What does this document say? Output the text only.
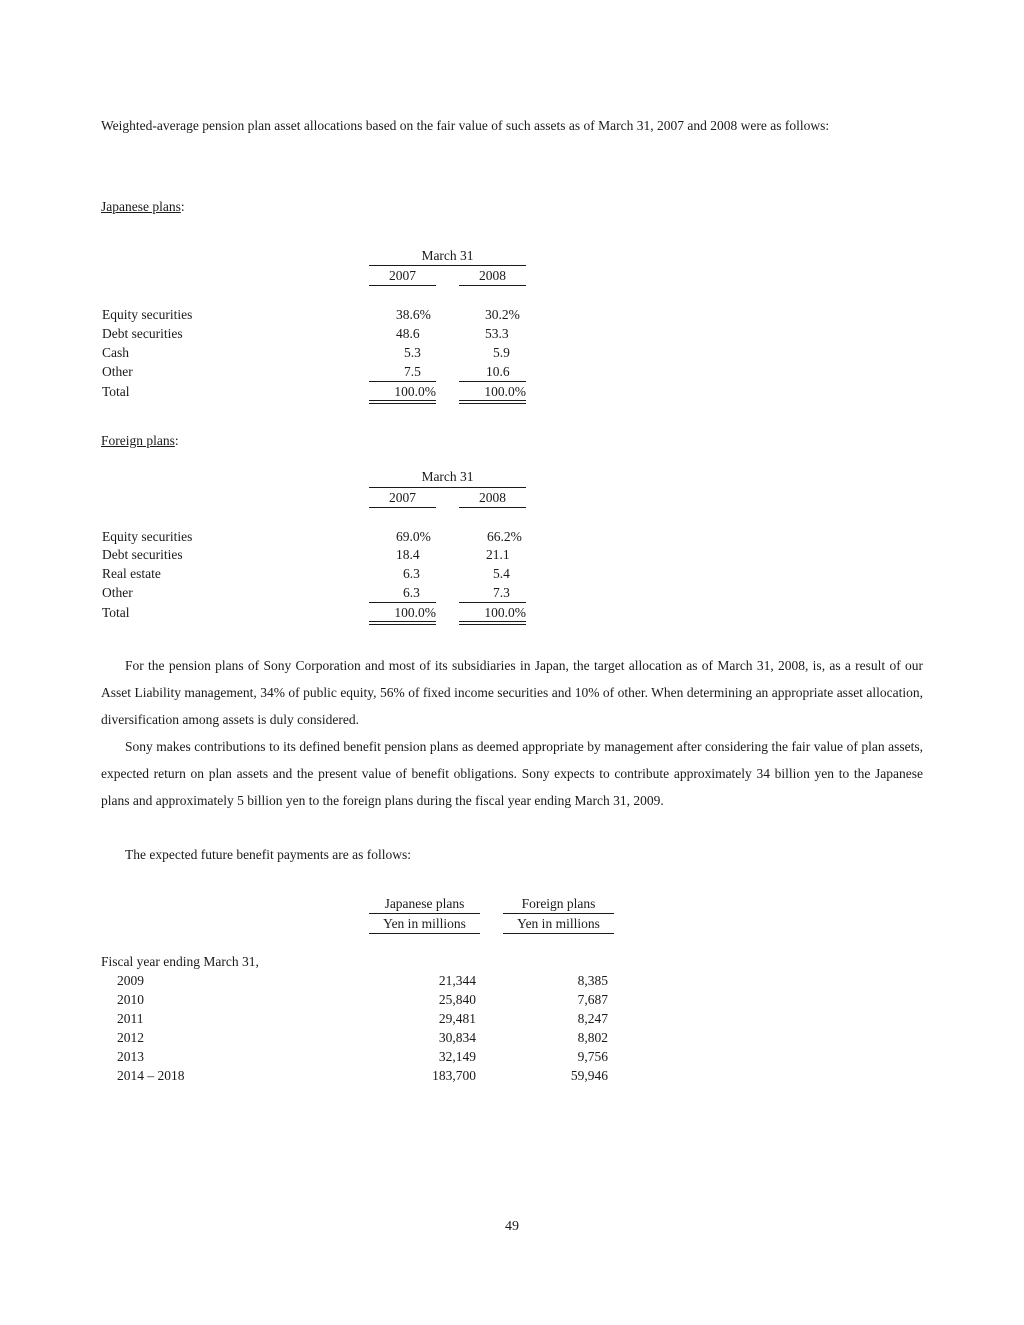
Weighted-average pension plan asset allocations based on the fair value of such assets as of March 31, 2007 and 2008 were as follows:

Japanese plans:
March 31
2007	2008
Equity securities	38.6%	30.2%
Debt securities	48.6	53.3
Cash	5.3	5.9
Other	7.5	10.6
Total	100.0%	100.0%
Foreign plans:
March 31
2007	2008
Equity securities	69.0%	66.2%
Debt securities	18.4	21.1
Real estate	6.3	5.4
Other	6.3	7.3
Total	100.0%	100.0%

For the pension plans of Sony Corporation and most of its subsidiaries in Japan, the target allocation as of March 31, 2008, is, as a result of our Asset Liability management, 34% of public equity, 56% of fixed income securities and 10% of other. When determining an appropriate asset allocation, diversification among assets is duly considered.

Sony makes contributions to its defined benefit pension plans as deemed appropriate by management after considering the fair value of plan assets, expected return on plan assets and the present value of benefit obligations. Sony expects to contribute approximately 34 billion yen to the Japanese plans and approximately 5 billion yen to the foreign plans during the fiscal year ending March 31, 2009.

The expected future benefit payments are as follows:

Japanese plans	Foreign plans
Yen in millions	Yen in millions
Fiscal year ending March 31,
2009	21,344	8,385
2010	25,840	7,687
2011	29,481	8,247
2012	30,834	8,802
2013	32,149	9,756
2014 – 2018	183,700	59,946
49
